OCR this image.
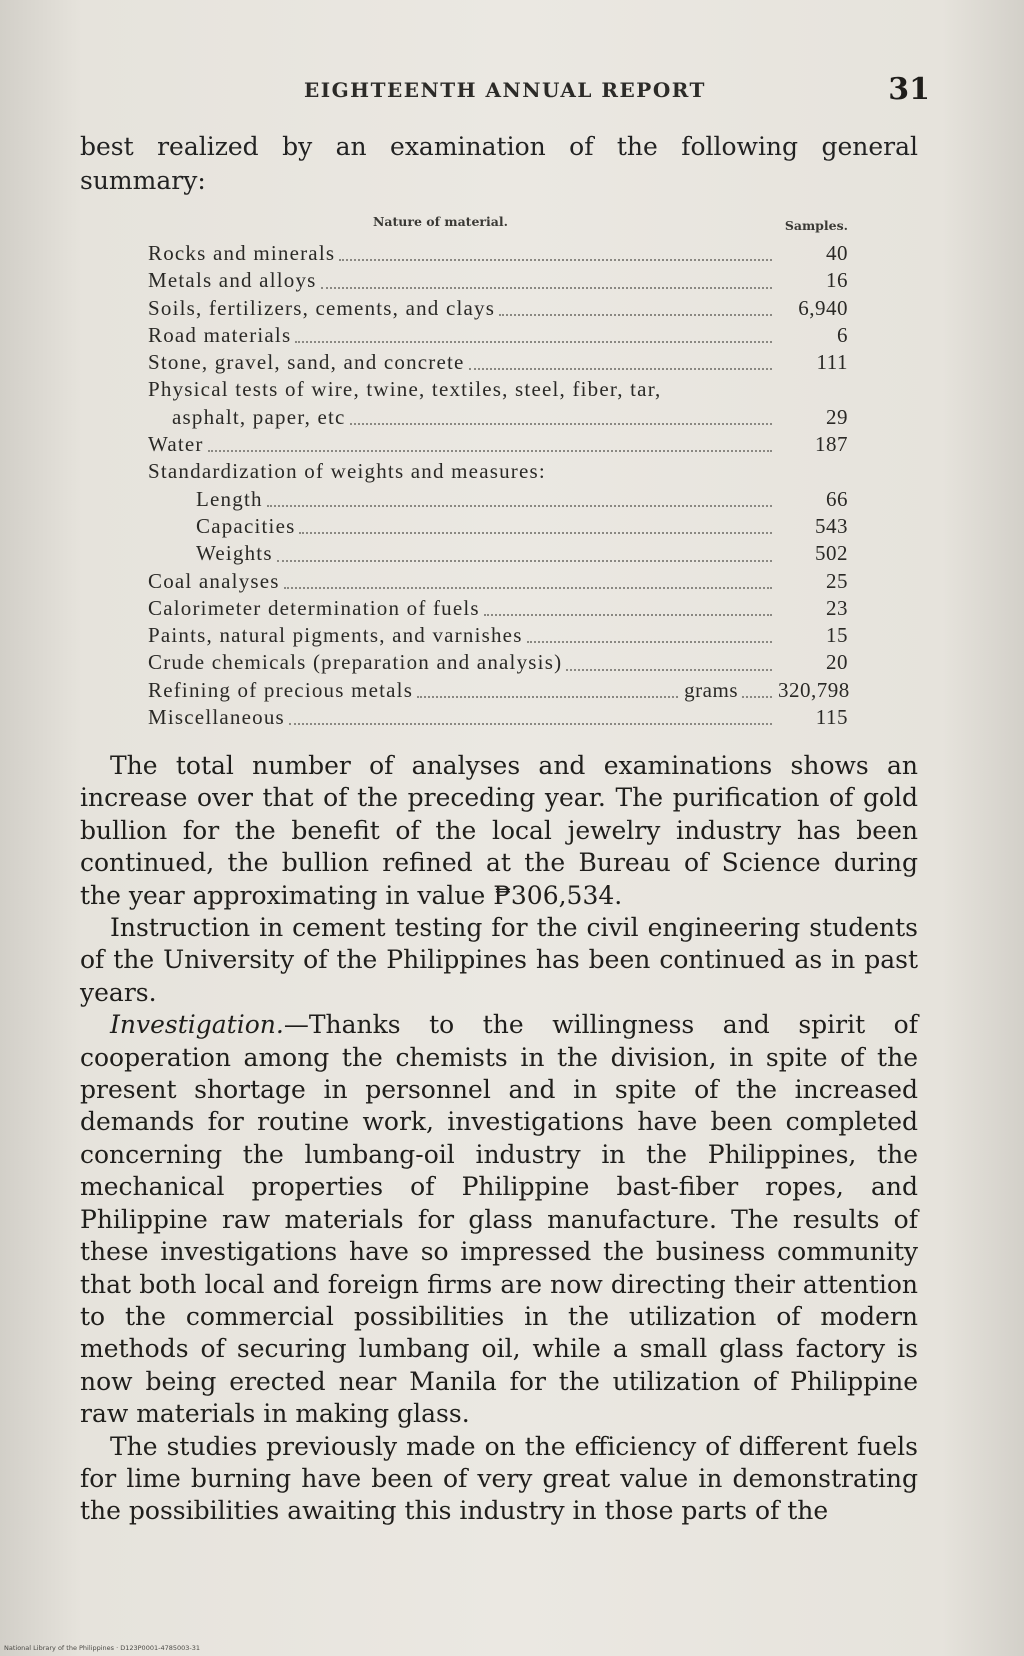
EIGHTEENTH ANNUAL REPORT	31
best realized by an examination of the following general summary:
Nature of material.	Samples.
Rocks and minerals	40
Metals and alloys	16
Soils, fertilizers, cements, and clays	6,940
Road materials	6
Stone, gravel, sand, and concrete	111
Physical tests of wire, twine, textiles, steel, fiber, tar,
asphalt, paper, etc	29
Water	187
Standardization of weights and measures:
Length	66
Capacities	543
Weights	502
Coal analyses	25
Calorimeter determination of fuels	23
Paints, natural pigments, and varnishes	15
Crude chemicals (preparation and analysis)	20
Refining of precious metals	grams 320,798
Miscellaneous	115

The total number of analyses and examinations shows an increase over that of the preceding year. The purification of gold bullion for the benefit of the local jewelry industry has been continued, the bullion refined at the Bureau of Science during the year approximating in value ₱306,534.

Instruction in cement testing for the civil engineering students of the University of the Philippines has been continued as in past years.

Investigation.—Thanks to the willingness and spirit of cooperation among the chemists in the division, in spite of the present shortage in personnel and in spite of the increased demands for routine work, investigations have been completed concerning the lumbang-oil industry in the Philippines, the mechanical properties of Philippine bast-fiber ropes, and Philippine raw materials for glass manufacture. The results of these investigations have so impressed the business community that both local and foreign firms are now directing their attention to the commercial possibilities in the utilization of modern methods of securing lumbang oil, while a small glass factory is now being erected near Manila for the utilization of Philippine raw materials in making glass.

The studies previously made on the efficiency of different fuels for lime burning have been of very great value in demonstrating the possibilities awaiting this industry in those parts of the

National Library of the Philippines · D123P0001-4785003-31
